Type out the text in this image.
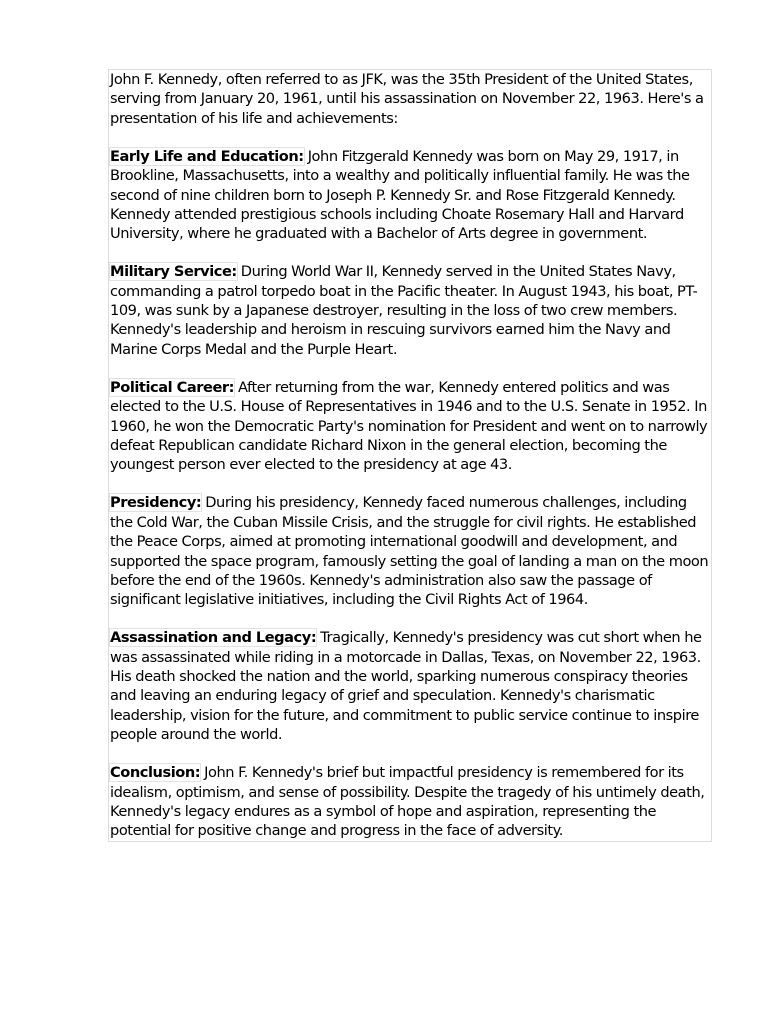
John F. Kennedy, often referred to as JFK, was the 35th President of the United States, serving from January 20, 1961, until his assassination on November 22, 1963. Here's a presentation of his life and achievements:

Early Life and Education: John Fitzgerald Kennedy was born on May 29, 1917, in Brookline, Massachusetts, into a wealthy and politically influential family. He was the second of nine children born to Joseph P. Kennedy Sr. and Rose Fitzgerald Kennedy. Kennedy attended prestigious schools including Choate Rosemary Hall and Harvard University, where he graduated with a Bachelor of Arts degree in government.

Military Service: During World War II, Kennedy served in the United States Navy, commanding a patrol torpedo boat in the Pacific theater. In August 1943, his boat, PT-109, was sunk by a Japanese destroyer, resulting in the loss of two crew members. Kennedy's leadership and heroism in rescuing survivors earned him the Navy and Marine Corps Medal and the Purple Heart.

Political Career: After returning from the war, Kennedy entered politics and was elected to the U.S. House of Representatives in 1946 and to the U.S. Senate in 1952. In 1960, he won the Democratic Party's nomination for President and went on to narrowly defeat Republican candidate Richard Nixon in the general election, becoming the youngest person ever elected to the presidency at age 43.

Presidency: During his presidency, Kennedy faced numerous challenges, including the Cold War, the Cuban Missile Crisis, and the struggle for civil rights. He established the Peace Corps, aimed at promoting international goodwill and development, and supported the space program, famously setting the goal of landing a man on the moon before the end of the 1960s. Kennedy's administration also saw the passage of significant legislative initiatives, including the Civil Rights Act of 1964.

Assassination and Legacy: Tragically, Kennedy's presidency was cut short when he was assassinated while riding in a motorcade in Dallas, Texas, on November 22, 1963. His death shocked the nation and the world, sparking numerous conspiracy theories and leaving an enduring legacy of grief and speculation. Kennedy's charismatic leadership, vision for the future, and commitment to public service continue to inspire people around the world.

Conclusion: John F. Kennedy's brief but impactful presidency is remembered for its idealism, optimism, and sense of possibility. Despite the tragedy of his untimely death, Kennedy's legacy endures as a symbol of hope and aspiration, representing the potential for positive change and progress in the face of adversity.
